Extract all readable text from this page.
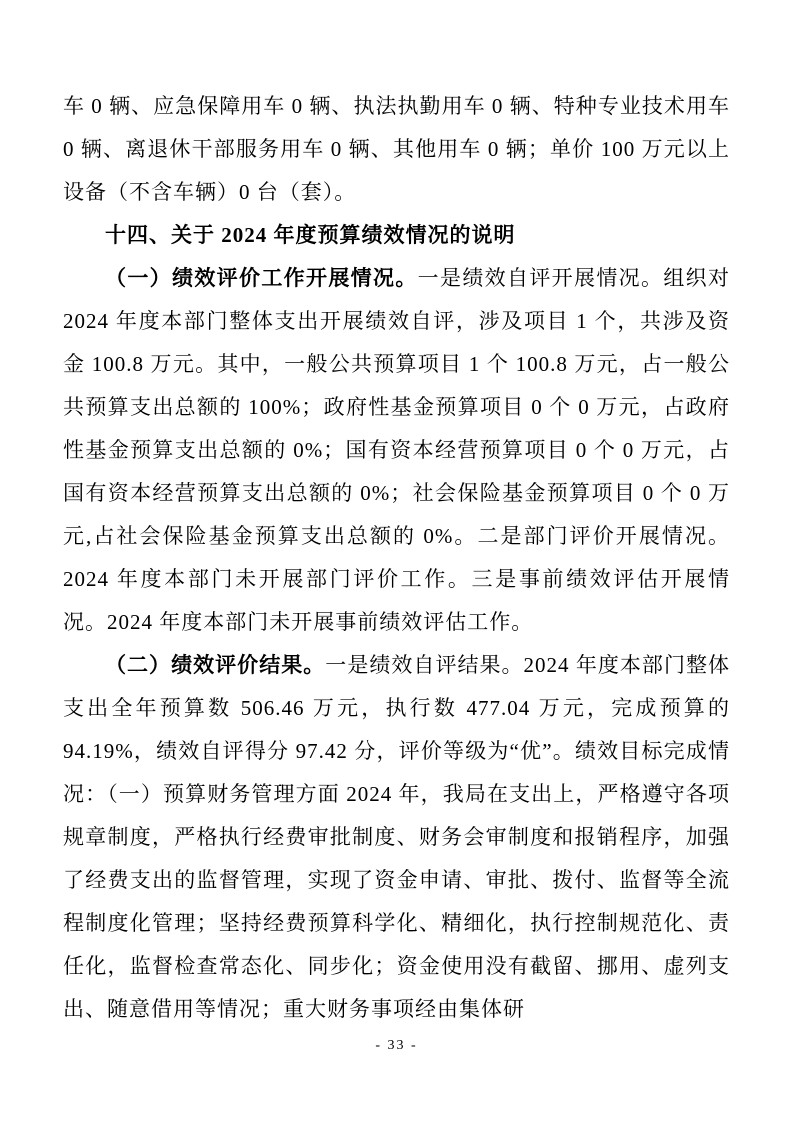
车 0 辆、应急保障用车 0 辆、执法执勤用车 0 辆、特种专业技术用车 0 辆、离退休干部服务用车 0 辆、其他用车 0 辆；单价 100 万元以上设备（不含车辆）0 台（套）。

十四、关于 2024 年度预算绩效情况的说明

（一）绩效评价工作开展情况。一是绩效自评开展情况。组织对 2024 年度本部门整体支出开展绩效自评，涉及项目 1 个，共涉及资金 100.8 万元。其中，一般公共预算项目 1 个 100.8 万元，占一般公共预算支出总额的 100%；政府性基金预算项目 0 个 0 万元，占政府性基金预算支出总额的 0%；国有资本经营预算项目 0 个 0 万元，占国有资本经营预算支出总额的 0%；社会保险基金预算项目 0 个 0 万元,占社会保险基金预算支出总额的 0%。二是部门评价开展情况。2024 年度本部门未开展部门评价工作。三是事前绩效评估开展情况。2024 年度本部门未开展事前绩效评估工作。

（二）绩效评价结果。一是绩效自评结果。2024 年度本部门整体支出全年预算数 506.46 万元，执行数 477.04 万元，完成预算的 94.19%，绩效自评得分 97.42 分，评价等级为“优”。绩效目标完成情况：（一）预算财务管理方面 2024 年，我局在支出上，严格遵守各项规章制度，严格执行经费审批制度、财务会审制度和报销程序，加强了经费支出的监督管理，实现了资金申请、审批、拨付、监督等全流程制度化管理；坚持经费预算科学化、精细化，执行控制规范化、责任化，监督检查常态化、同步化；资金使用没有截留、挪用、虚列支出、随意借用等情况；重大财务事项经由集体研

- 33 -
